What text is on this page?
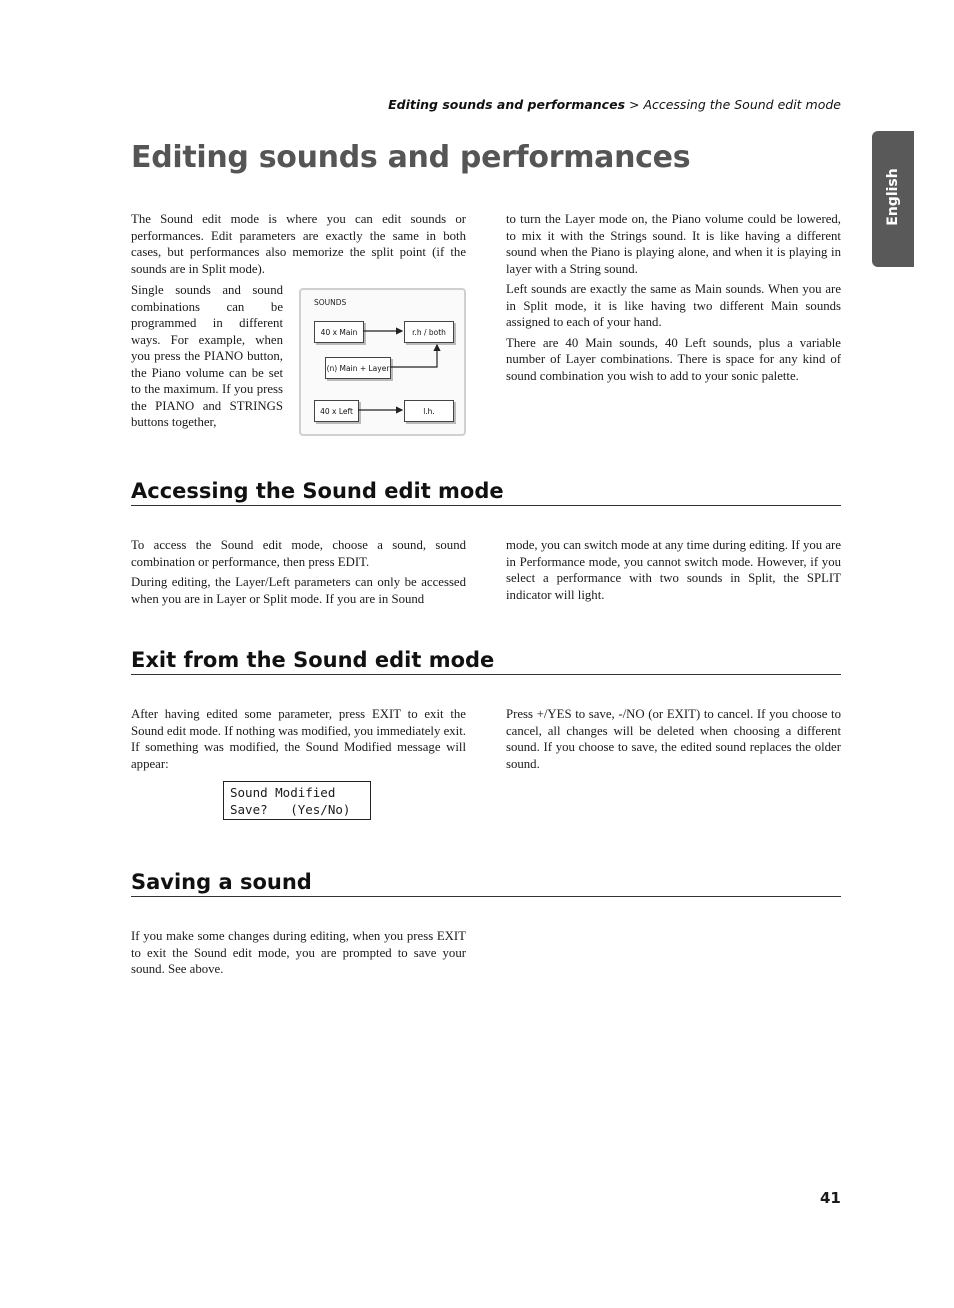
Editing sounds and performances > Accessing the Sound edit mode
English
Editing sounds and performances

The Sound edit mode is where you can edit sounds or performances. Edit parameters are exactly the same in both cases, but performances also memorize the split point (if the sounds are in Split mode).

Single sounds and sound combinations can be programmed in different ways. For example, when you press the PIANO button, the Piano volume can be set to the maximum. If you press the PIANO and STRINGS buttons together,

SOUNDS
40 x Main	r.h / both
(n) Main + Layer
40 x Left	l.h.

to turn the Layer mode on, the Piano volume could be lowered, to mix it with the Strings sound. It is like having a different sound when the Piano is playing alone, and when it is playing in layer with a String sound.

Left sounds are exactly the same as Main sounds. When you are in Split mode, it is like having two different Main sounds assigned to each of your hand.

There are 40 Main sounds, 40 Left sounds, plus a variable number of Layer combinations. There is space for any kind of sound combination you wish to add to your sonic palette.

Accessing the Sound edit mode

To access the Sound edit mode, choose a sound, sound combination or performance, then press EDIT.

During editing, the Layer/Left parameters can only be accessed when you are in Layer or Split mode. If you are in Sound

mode, you can switch mode at any time during editing. If you are in Performance mode, you cannot switch mode. However, if you select a performance with two sounds in Split, the SPLIT indicator will light.

Exit from the Sound edit mode

After having edited some parameter, press EXIT to exit the Sound edit mode. If nothing was modified, you immediately exit. If something was modified, the Sound Modified message will appear:

Sound Modified
Save?   (Yes/No)

Press +/YES to save, -/NO (or EXIT) to cancel. If you choose to cancel, all changes will be deleted when choosing a different sound. If you choose to save, the edited sound replaces the older sound.

Saving a sound

If you make some changes during editing, when you press EXIT to exit the Sound edit mode, you are prompted to save your sound. See above.

41
